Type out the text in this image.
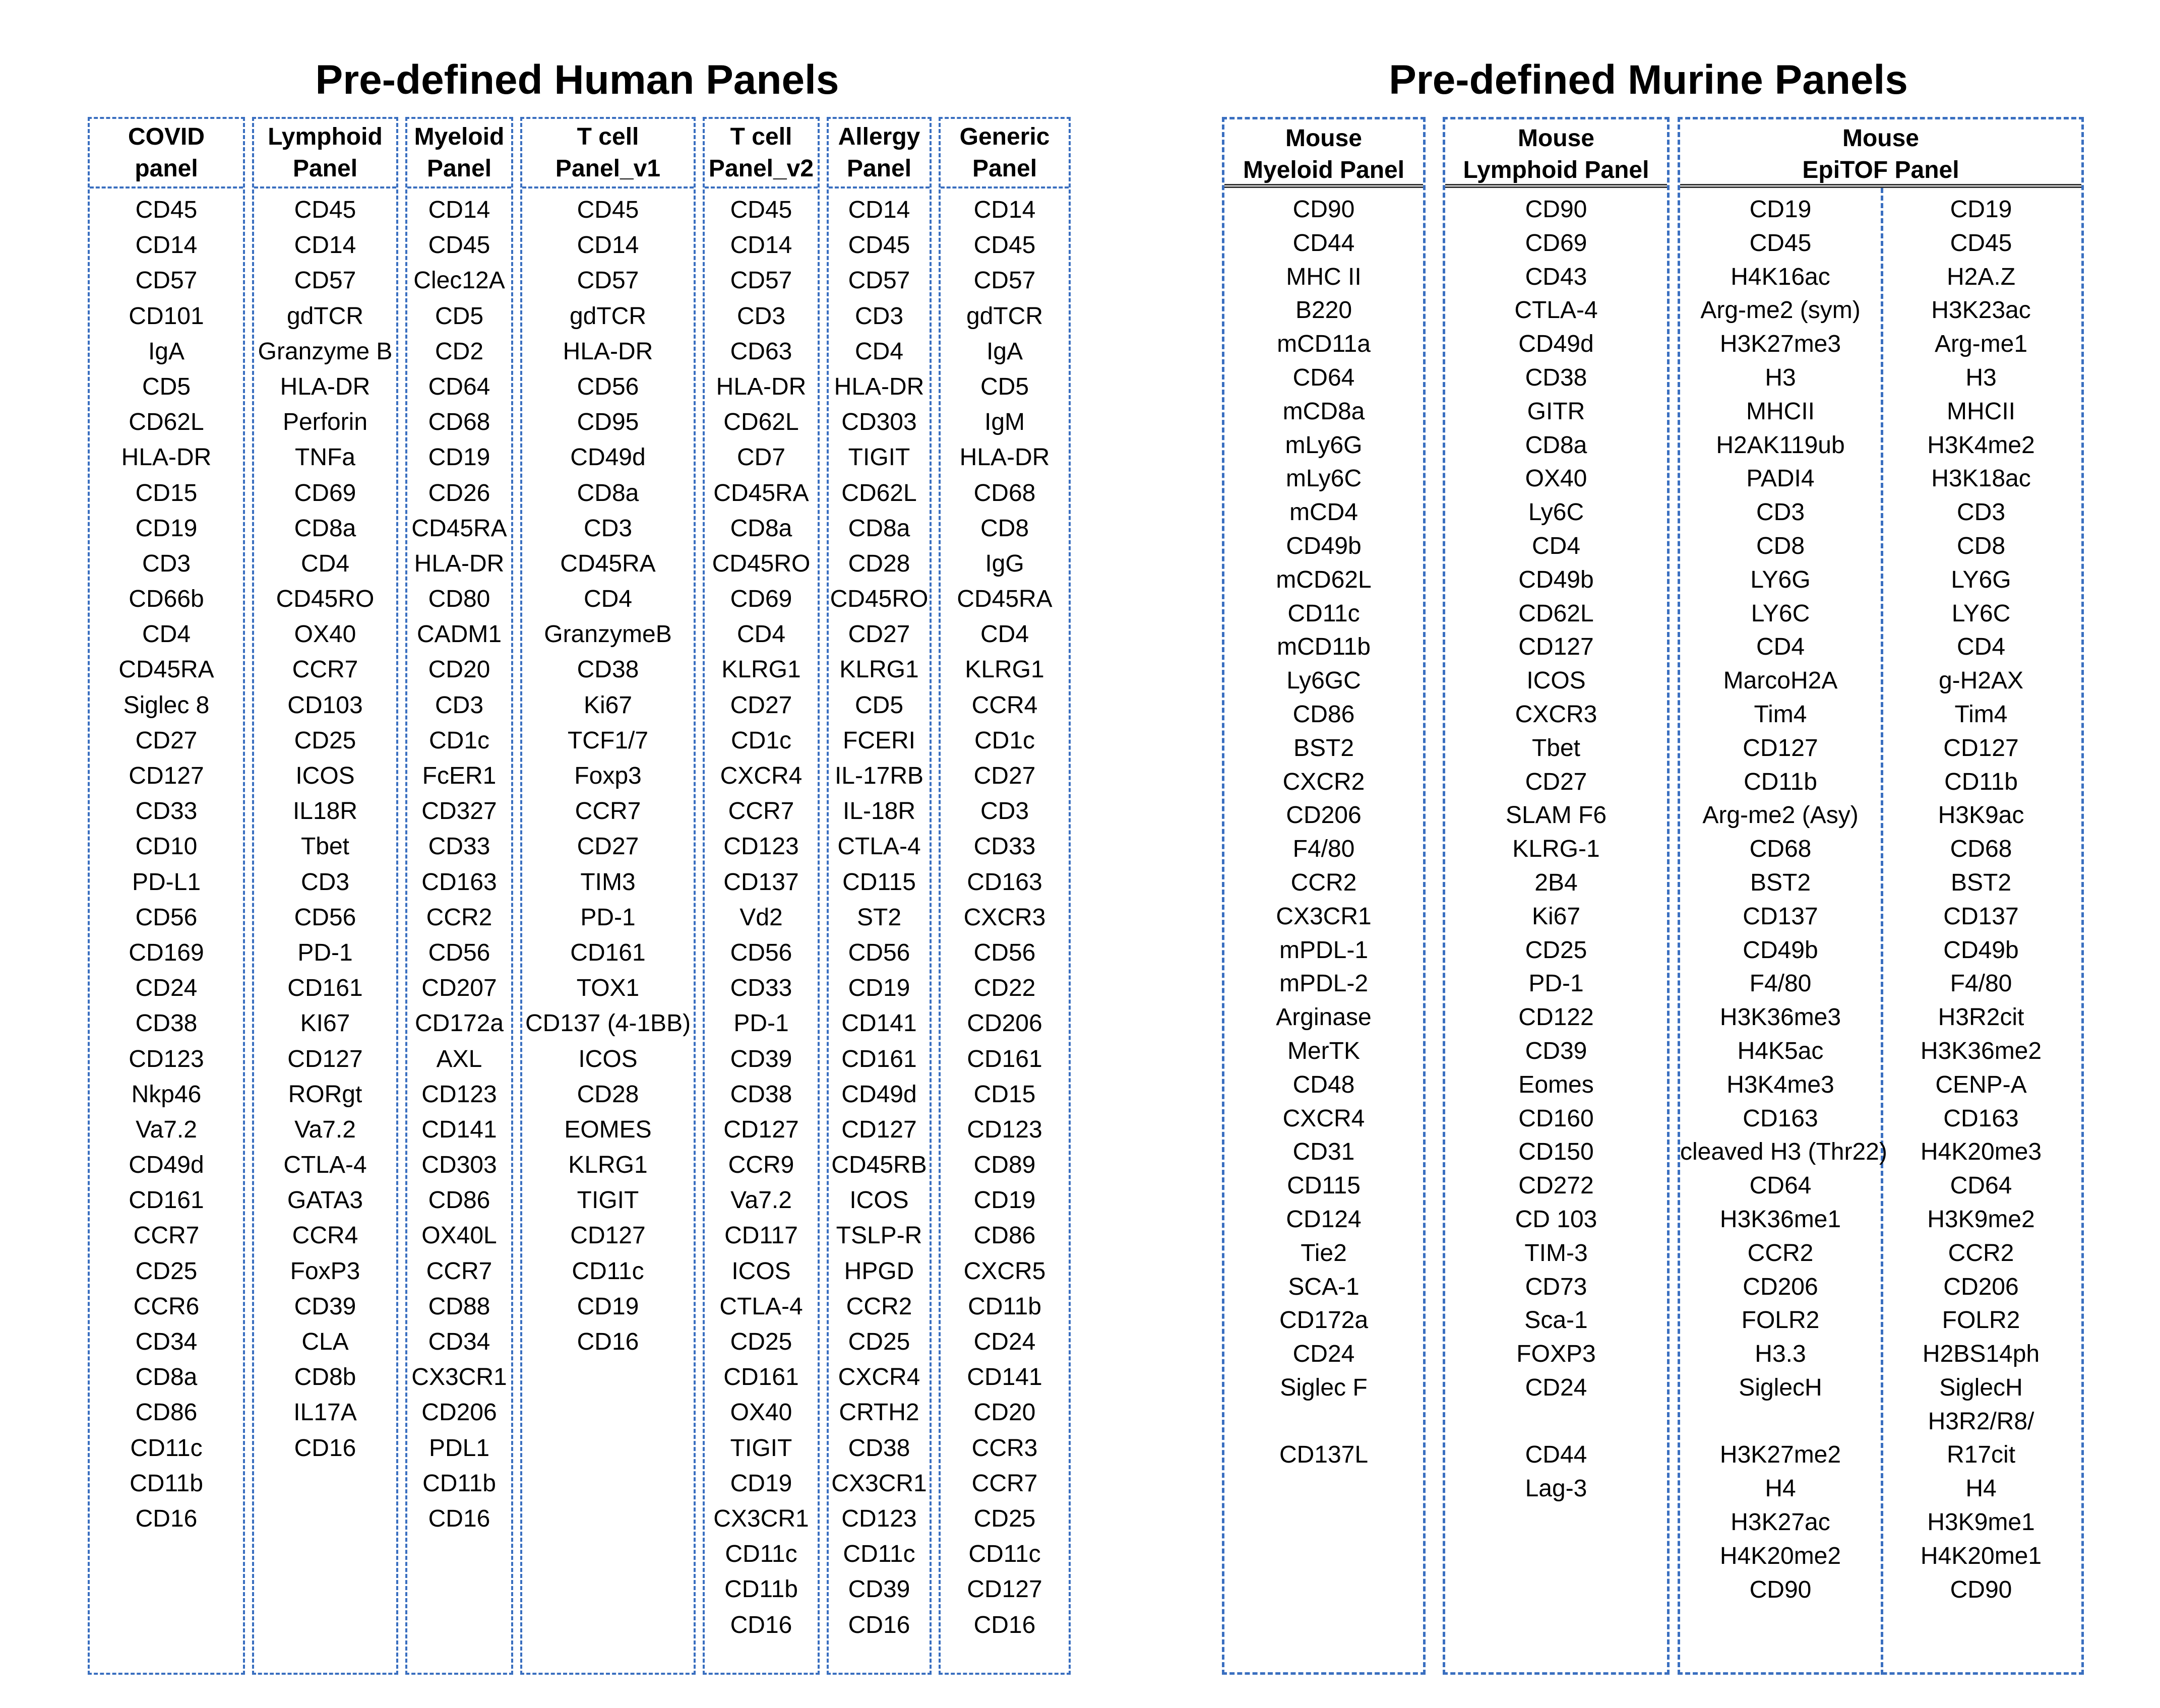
Pre-defined Human Panels	Pre-defined Murine Panels
COVID
panel
CD45
CD14
CD57
CD101
IgA
CD5
CD62L
HLA-DR
CD15
CD19
CD3
CD66b
CD4
CD45RA
Siglec 8
CD27
CD127
CD33
CD10
PD-L1
CD56
CD169
CD24
CD38
CD123
Nkp46
Va7.2
CD49d
CD161
CCR7
CD25
CCR6
CD34
CD8a
CD86
CD11c
CD11b
CD16
Lymphoid
Panel
CD45
CD14
CD57
gdTCR
Granzyme B
HLA-DR
Perforin
TNFa
CD69
CD8a
CD4
CD45RO
OX40
CCR7
CD103
CD25
ICOS
IL18R
Tbet
CD3
CD56
PD-1
CD161
KI67
CD127
RORgt
Va7.2
CTLA-4
GATA3
CCR4
FoxP3
CD39
CLA
CD8b
IL17A
CD16
Myeloid
Panel
CD14
CD45
Clec12A
CD5
CD2
CD64
CD68
CD19
CD26
CD45RA
HLA-DR
CD80
CADM1
CD20
CD3
CD1c
FcER1
CD327
CD33
CD163
CCR2
CD56
CD207
CD172a
AXL
CD123
CD141
CD303
CD86
OX40L
CCR7
CD88
CD34
CX3CR1
CD206
PDL1
CD11b
CD16
T cell
Panel_v1
CD45
CD14
CD57
gdTCR
HLA-DR
CD56
CD95
CD49d
CD8a
CD3
CD45RA
CD4
GranzymeB
CD38
Ki67
TCF1/7
Foxp3
CCR7
CD27
TIM3
PD-1
CD161
TOX1
CD137 (4-1BB)
ICOS
CD28
EOMES
KLRG1
TIGIT
CD127
CD11c
CD19
CD16
T cell
Panel_v2
CD45
CD14
CD57
CD3
CD63
HLA-DR
CD62L
CD7
CD45RA
CD8a
CD45RO
CD69
CD4
KLRG1
CD27
CD1c
CXCR4
CCR7
CD123
CD137
Vd2
CD56
CD33
PD-1
CD39
CD38
CD127
CCR9
Va7.2
CD117
ICOS
CTLA-4
CD25
CD161
OX40
TIGIT
CD19
CX3CR1
CD11c
CD11b
CD16
Allergy
Panel
CD14
CD45
CD57
CD3
CD4
HLA-DR
CD303
TIGIT
CD62L
CD8a
CD28
CD45RO
CD27
KLRG1
CD5
FCERI
IL-17RB
IL-18R
CTLA-4
CD115
ST2
CD56
CD19
CD141
CD161
CD49d
CD127
CD45RB
ICOS
TSLP-R
HPGD
CCR2
CD25
CXCR4
CRTH2
CD38
CX3CR1
CD123
CD11c
CD39
CD16
Generic
Panel
CD14
CD45
CD57
gdTCR
IgA
CD5
IgM
HLA-DR
CD68
CD8
IgG
CD45RA
CD4
KLRG1
CCR4
CD1c
CD27
CD3
CD33
CD163
CXCR3
CD56
CD22
CD206
CD161
CD15
CD123
CD89
CD19
CD86
CXCR5
CD11b
CD24
CD141
CD20
CCR3
CCR7
CD25
CD11c
CD127
CD16
Mouse
Myeloid Panel
CD90
CD44
MHC II
B220
mCD11a
CD64
mCD8a
mLy6G
mLy6C
mCD4
CD49b
mCD62L
CD11c
mCD11b
Ly6GC
CD86
BST2
CXCR2
CD206
F4/80
CCR2
CX3CR1
mPDL-1
mPDL-2
Arginase
MerTK
CD48
CXCR4
CD31
CD115
CD124
Tie2
SCA-1
CD172a
CD24
Siglec F
CD137L
Mouse
Lymphoid Panel
CD90
CD69
CD43
CTLA-4
CD49d
CD38
GITR
CD8a
OX40
Ly6C
CD4
CD49b
CD62L
CD127
ICOS
CXCR3
Tbet
CD27
SLAM F6
KLRG-1
2B4
Ki67
CD25
PD-1
CD122
CD39
Eomes
CD160
CD150
CD272
CD 103
TIM-3
CD73
Sca-1
FOXP3
CD24
CD44
Lag-3
Mouse
EpiTOF Panel
CD19
CD45
H4K16ac
Arg-me2 (sym)
H3K27me3
H3
MHCII
H2AK119ub
PADI4
CD3
CD8
LY6G
LY6C
CD4
MarcoH2A
Tim4
CD127
CD11b
Arg-me2 (Asy)
CD68
BST2
CD137
CD49b
F4/80
H3K36me3
H4K5ac
H3K4me3
CD163
cleaved H3 (Thr22)
CD64
H3K36me1
CCR2
CD206
FOLR2
H3.3
SiglecH
H3K27me2
H4
H3K27ac
H4K20me2
CD90
CD19
CD45
H2A.Z
H3K23ac
Arg-me1
H3
MHCII
H3K4me2
H3K18ac
CD3
CD8
LY6G
LY6C
CD4
g-H2AX
Tim4
CD127
CD11b
H3K9ac
CD68
BST2
CD137
CD49b
F4/80
H3R2cit
H3K36me2
CENP-A
CD163
H4K20me3
CD64
H3K9me2
CCR2
CD206
FOLR2
H2BS14ph
SiglecH
H3R2/R8/
R17cit
H4
H3K9me1
H4K20me1
CD90
